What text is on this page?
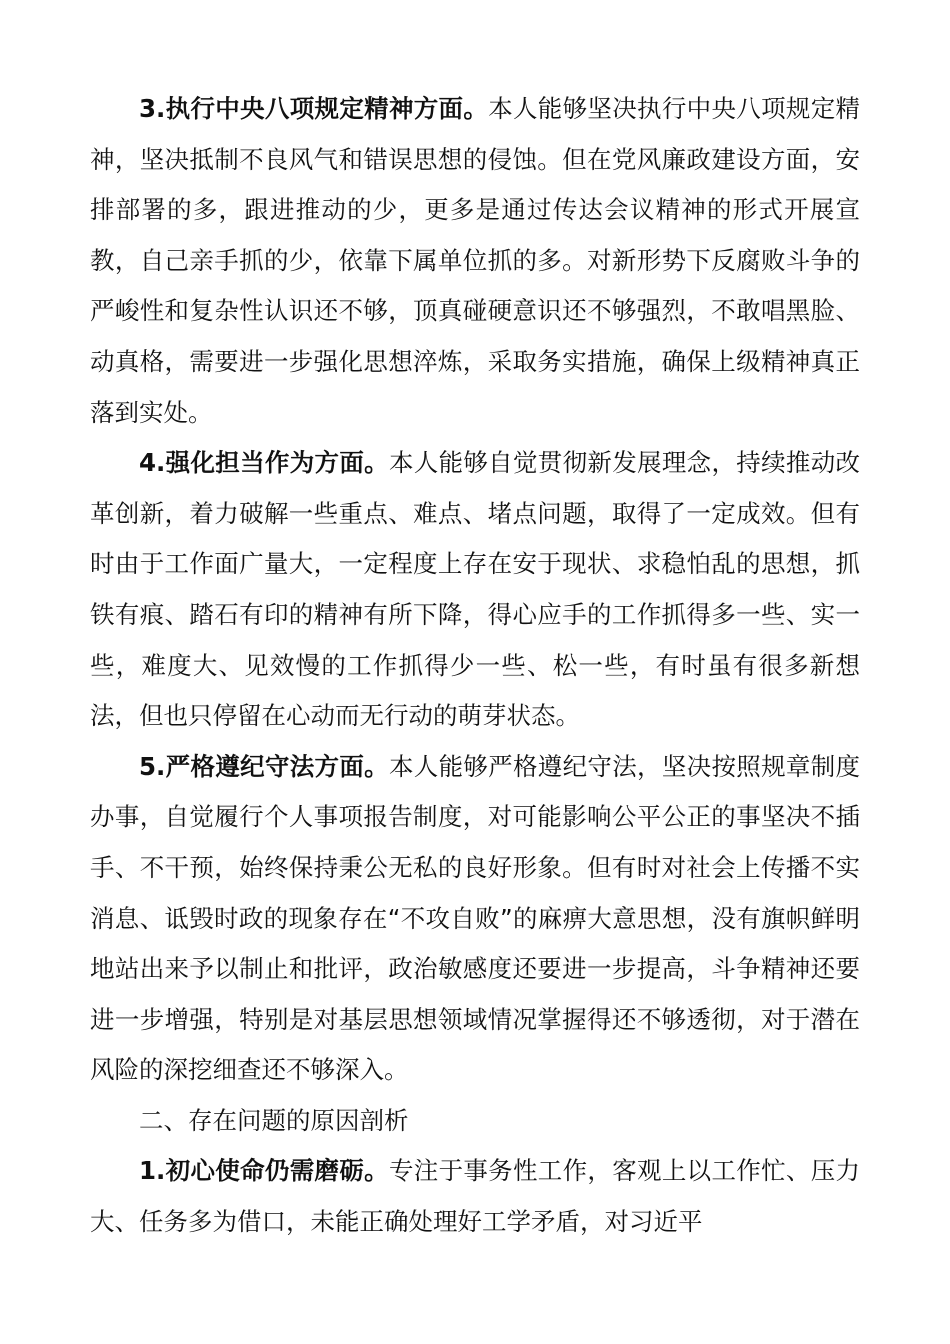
3.执行中央八项规定精神方面。本人能够坚决执行中央八项规定精神，坚决抵制不良风气和错误思想的侵蚀。但在党风廉政建设方面，安排部署的多，跟进推动的少，更多是通过传达会议精神的形式开展宣教，自己亲手抓的少，依靠下属单位抓的多。对新形势下反腐败斗争的严峻性和复杂性认识还不够，顶真碰硬意识还不够强烈，不敢唱黑脸、动真格，需要进一步强化思想淬炼，采取务实措施，确保上级精神真正落到实处。

4.强化担当作为方面。本人能够自觉贯彻新发展理念，持续推动改革创新，着力破解一些重点、难点、堵点问题，取得了一定成效。但有时由于工作面广量大，一定程度上存在安于现状、求稳怕乱的思想，抓铁有痕、踏石有印的精神有所下降，得心应手的工作抓得多一些、实一些，难度大、见效慢的工作抓得少一些、松一些，有时虽有很多新想法，但也只停留在心动而无行动的萌芽状态。

5.严格遵纪守法方面。本人能够严格遵纪守法，坚决按照规章制度办事，自觉履行个人事项报告制度，对可能影响公平公正的事坚决不插手、不干预，始终保持秉公无私的良好形象。但有时对社会上传播不实消息、诋毁时政的现象存在“不攻自败”的麻痹大意思想，没有旗帜鲜明地站出来予以制止和批评，政治敏感度还要进一步提高，斗争精神还要进一步增强，特别是对基层思想领域情况掌握得还不够透彻，对于潜在风险的深挖细查还不够深入。

二、存在问题的原因剖析

1.初心使命仍需磨砺。专注于事务性工作，客观上以工作忙、压力大、任务多为借口，未能正确处理好工学矛盾，对习近平
